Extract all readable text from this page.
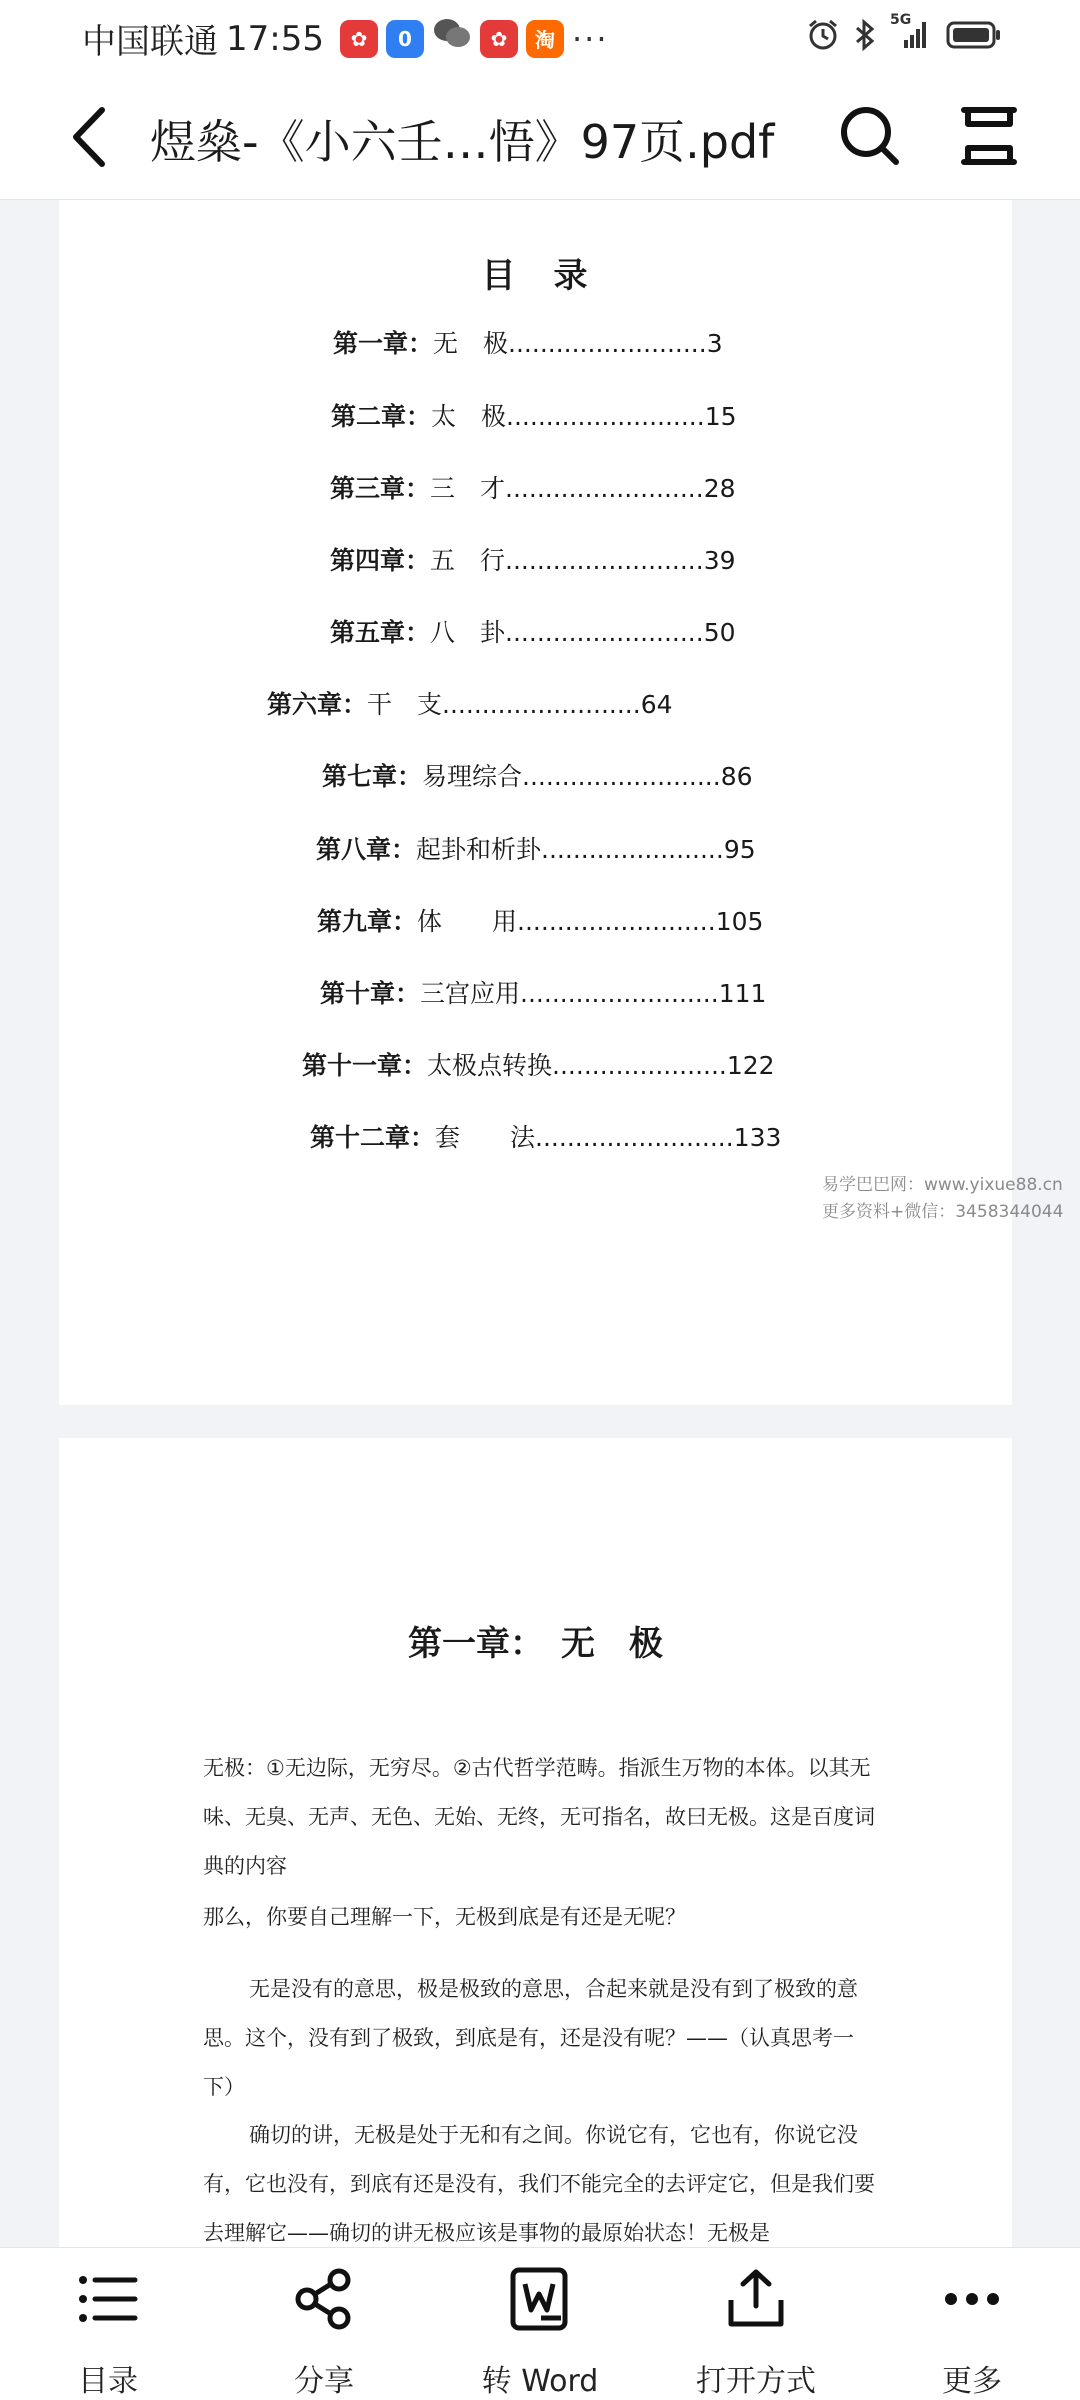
中国联通 17:55	✿	0	✿	淘 ···	5G
煜燊-《小六壬…悟》97页.pdf
目　录
第一章：无　极.........................3
第二章：太　极.........................15
第三章：三　才.........................28
第四章：五　行.........................39
第五章：八　卦.........................50
第六章：干　支.........................64
第七章：易理综合.........................86
第八章：起卦和析卦.......................95
第九章：体　　用.........................105
第十章：三宫应用.........................111
第十一章：太极点转换......................122
第十二章：套　　法.........................133
易学巴巴网：www.yixue88.cn
更多资料+微信：3458344044
第一章：　无　极
无极：①无边际，无穷尽。②古代哲学范畴。指派生万物的本体。以其无味、无臭、无声、无色、无始、无终，无可指名，故曰无极。这是百度词典的内容
那么，你要自己理解一下，无极到底是有还是无呢？
无是没有的意思，极是极致的意思，合起来就是没有到了极致的意思。这个，没有到了极致，到底是有，还是没有呢？——（认真思考一下）
确切的讲，无极是处于无和有之间。你说它有，它也有，你说它没有，它也没有，到底有还是没有，我们不能完全的去评定它，但是我们要去理解它——确切的讲无极应该是事物的最原始状态！无极是
目录	分享	转 Word	打开方式	更多
